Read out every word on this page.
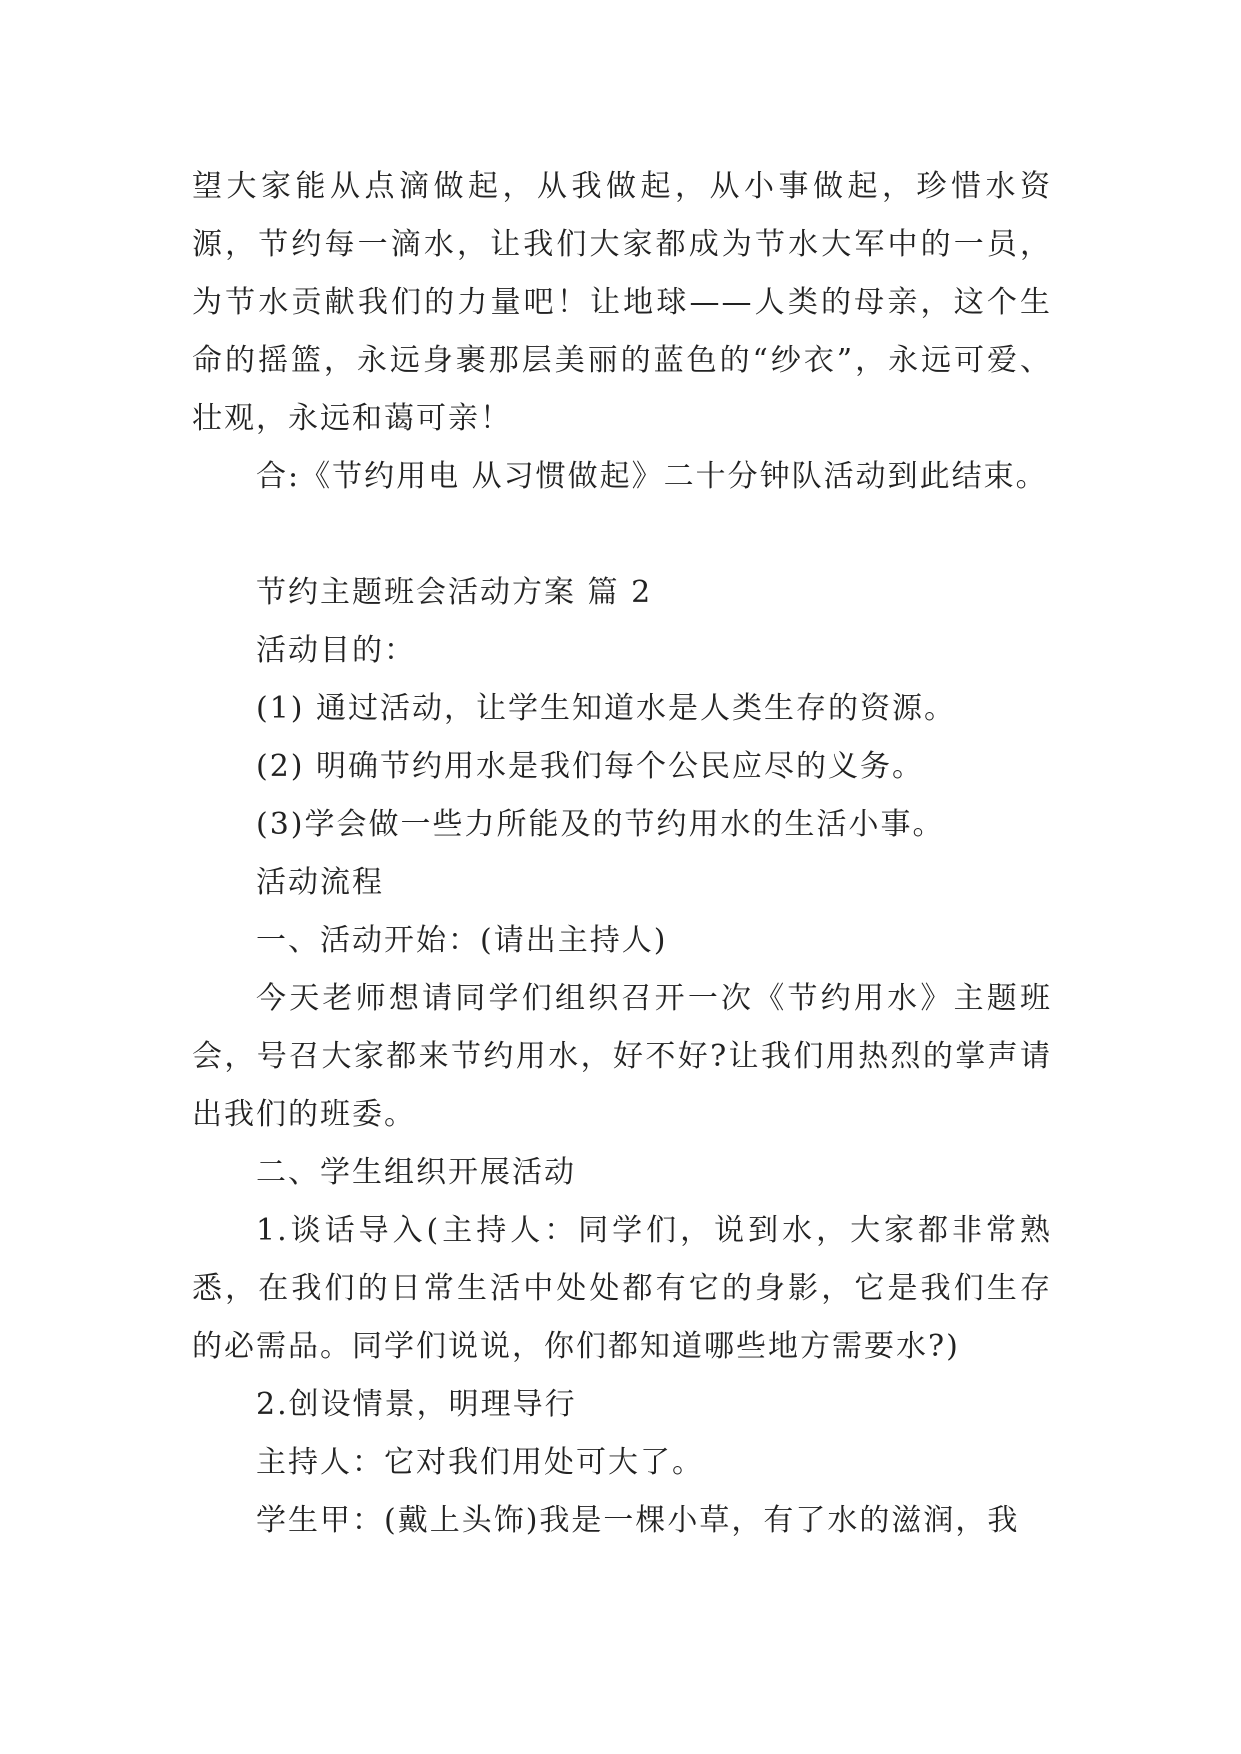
望大家能从点滴做起，从我做起，从小事做起，珍惜水资源，节约每一滴水，让我们大家都成为节水大军中的一员，为节水贡献我们的力量吧！让地球——人类的母亲，这个生命的摇篮，永远身裹那层美丽的蓝色的“纱衣”，永远可爱、壮观，永远和蔼可亲！

合:《节约用电 从习惯做起》二十分钟队活动到此结束。

节约主题班会活动方案 篇 2

活动目的：

(1) 通过活动，让学生知道水是人类生存的资源。

(2) 明确节约用水是我们每个公民应尽的义务。

(3)学会做一些力所能及的节约用水的生活小事。

活动流程

一、活动开始：(请出主持人)

今天老师想请同学们组织召开一次《节约用水》主题班会，号召大家都来节约用水，好不好?让我们用热烈的掌声请出我们的班委。

二、学生组织开展活动

1.谈话导入(主持人：同学们，说到水，大家都非常熟悉，在我们的日常生活中处处都有它的身影，它是我们生存的必需品。同学们说说，你们都知道哪些地方需要水?)

2.创设情景，明理导行

主持人：它对我们用处可大了。

学生甲：(戴上头饰)我是一棵小草，有了水的滋润，我
